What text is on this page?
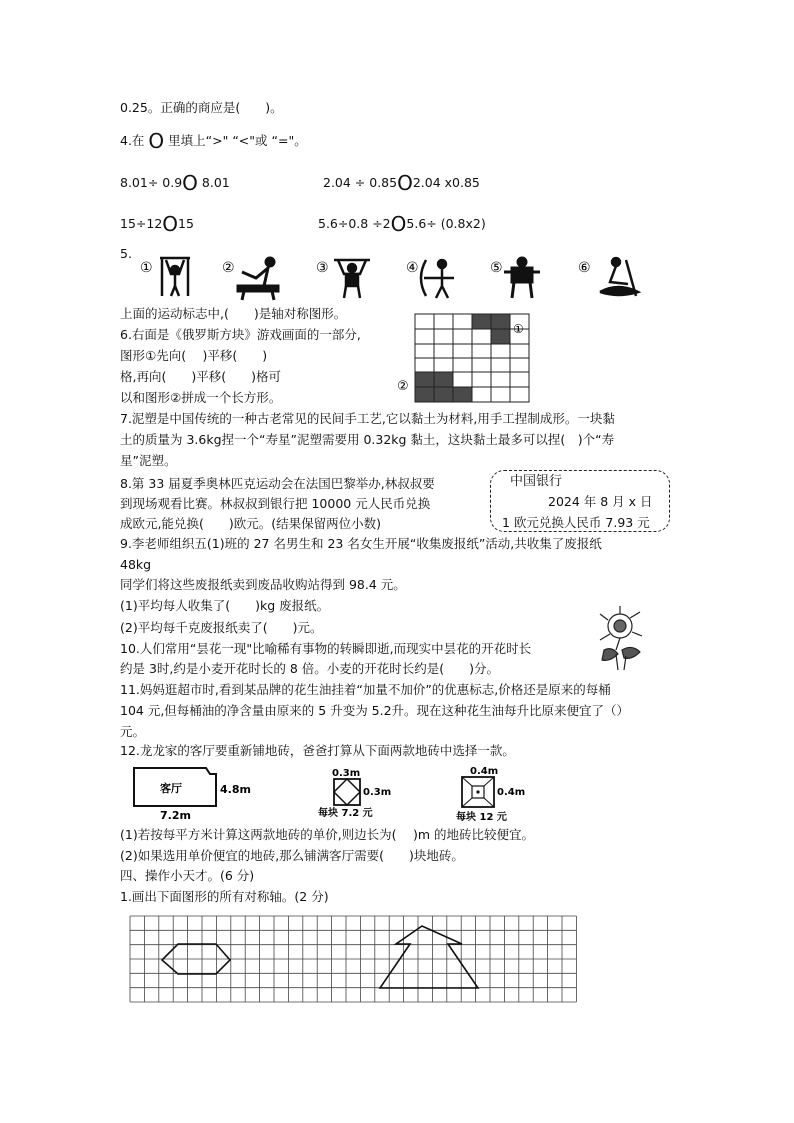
0.25。正确的商应是(　　)。
4.在 O 里填上“>" “<"或 “="。
8.01÷ 0.9O 8.01	2.04 ÷ 0.85O2.04 x0.85
15÷12O15	5.6÷0.8 ÷2O5.6÷ (0.8x2)
5.
①	②	③	④	⑤	⑥
上面的运动标志中,(　　)是轴对称图形。
6.右面是《俄罗斯方块》游戏画面的一部分,
图形①先向(　 )平移(　　)
格,再向(　　)平移(　　)格可
以和图形②拼成一个长方形。
①
②
7.泥塑是中国传统的一种古老常见的民间手工艺,它以黏土为材料,用手工捏制成形。一块黏
土的质量为 3.6kg捏一个“寿星”泥塑需要用 0.32kg 黏土，这块黏土最多可以捏(　)个“寿
星”泥塑。
8.第 33 届夏季奥林匹克运动会在法国巴黎举办,林叔叔要
到现场观看比赛。林叔叔到银行把 10000 元人民币兑换
成欧元,能兑换(　　)欧元。(结果保留两位小数)
中国银行
2024 年 8 月 x 日
1 欧元兑换人民币 7.93 元
9.李老师组织五(1)班的 27 名男生和 23 名女生开展“收集废报纸”活动,共收集了废报纸
48kg
同学们将这些废报纸卖到废品收购站得到 98.4 元。
(1)平均每人收集了(　　)kg 废报纸。
(2)平均每千克废报纸卖了(　　)元。
10.人们常用“昙花一现"比喻稀有事物的转瞬即逝,而现实中昙花的开花时长
约是 3时,约是小麦开花时长的 8 倍。小麦的开花时长约是(　　)分。
11.妈妈逛超市时,看到某品牌的花生油挂着“加量不加价”的优惠标志,价格还是原来的每桶
104 元,但每桶油的净含量由原来的 5 升变为 5.2升。现在这种花生油每升比原来便宜了（）
元。
12.龙龙家的客厅要重新铺地砖，爸爸打算从下面两款地砖中选择一款。
客厅	4.8m
7.2m
0.3m
0.3m
每块 7.2 元
0.4m
0.4m
每块 12 元
(1)若按每平方米计算这两款地砖的单价,则边长为(　 )m 的地砖比较便宜。
(2)如果选用单价便宜的地砖,那么铺满客厅需要(　　)块地砖。
四、操作小天才。(6 分)
1.画出下面图形的所有对称轴。(2 分)
